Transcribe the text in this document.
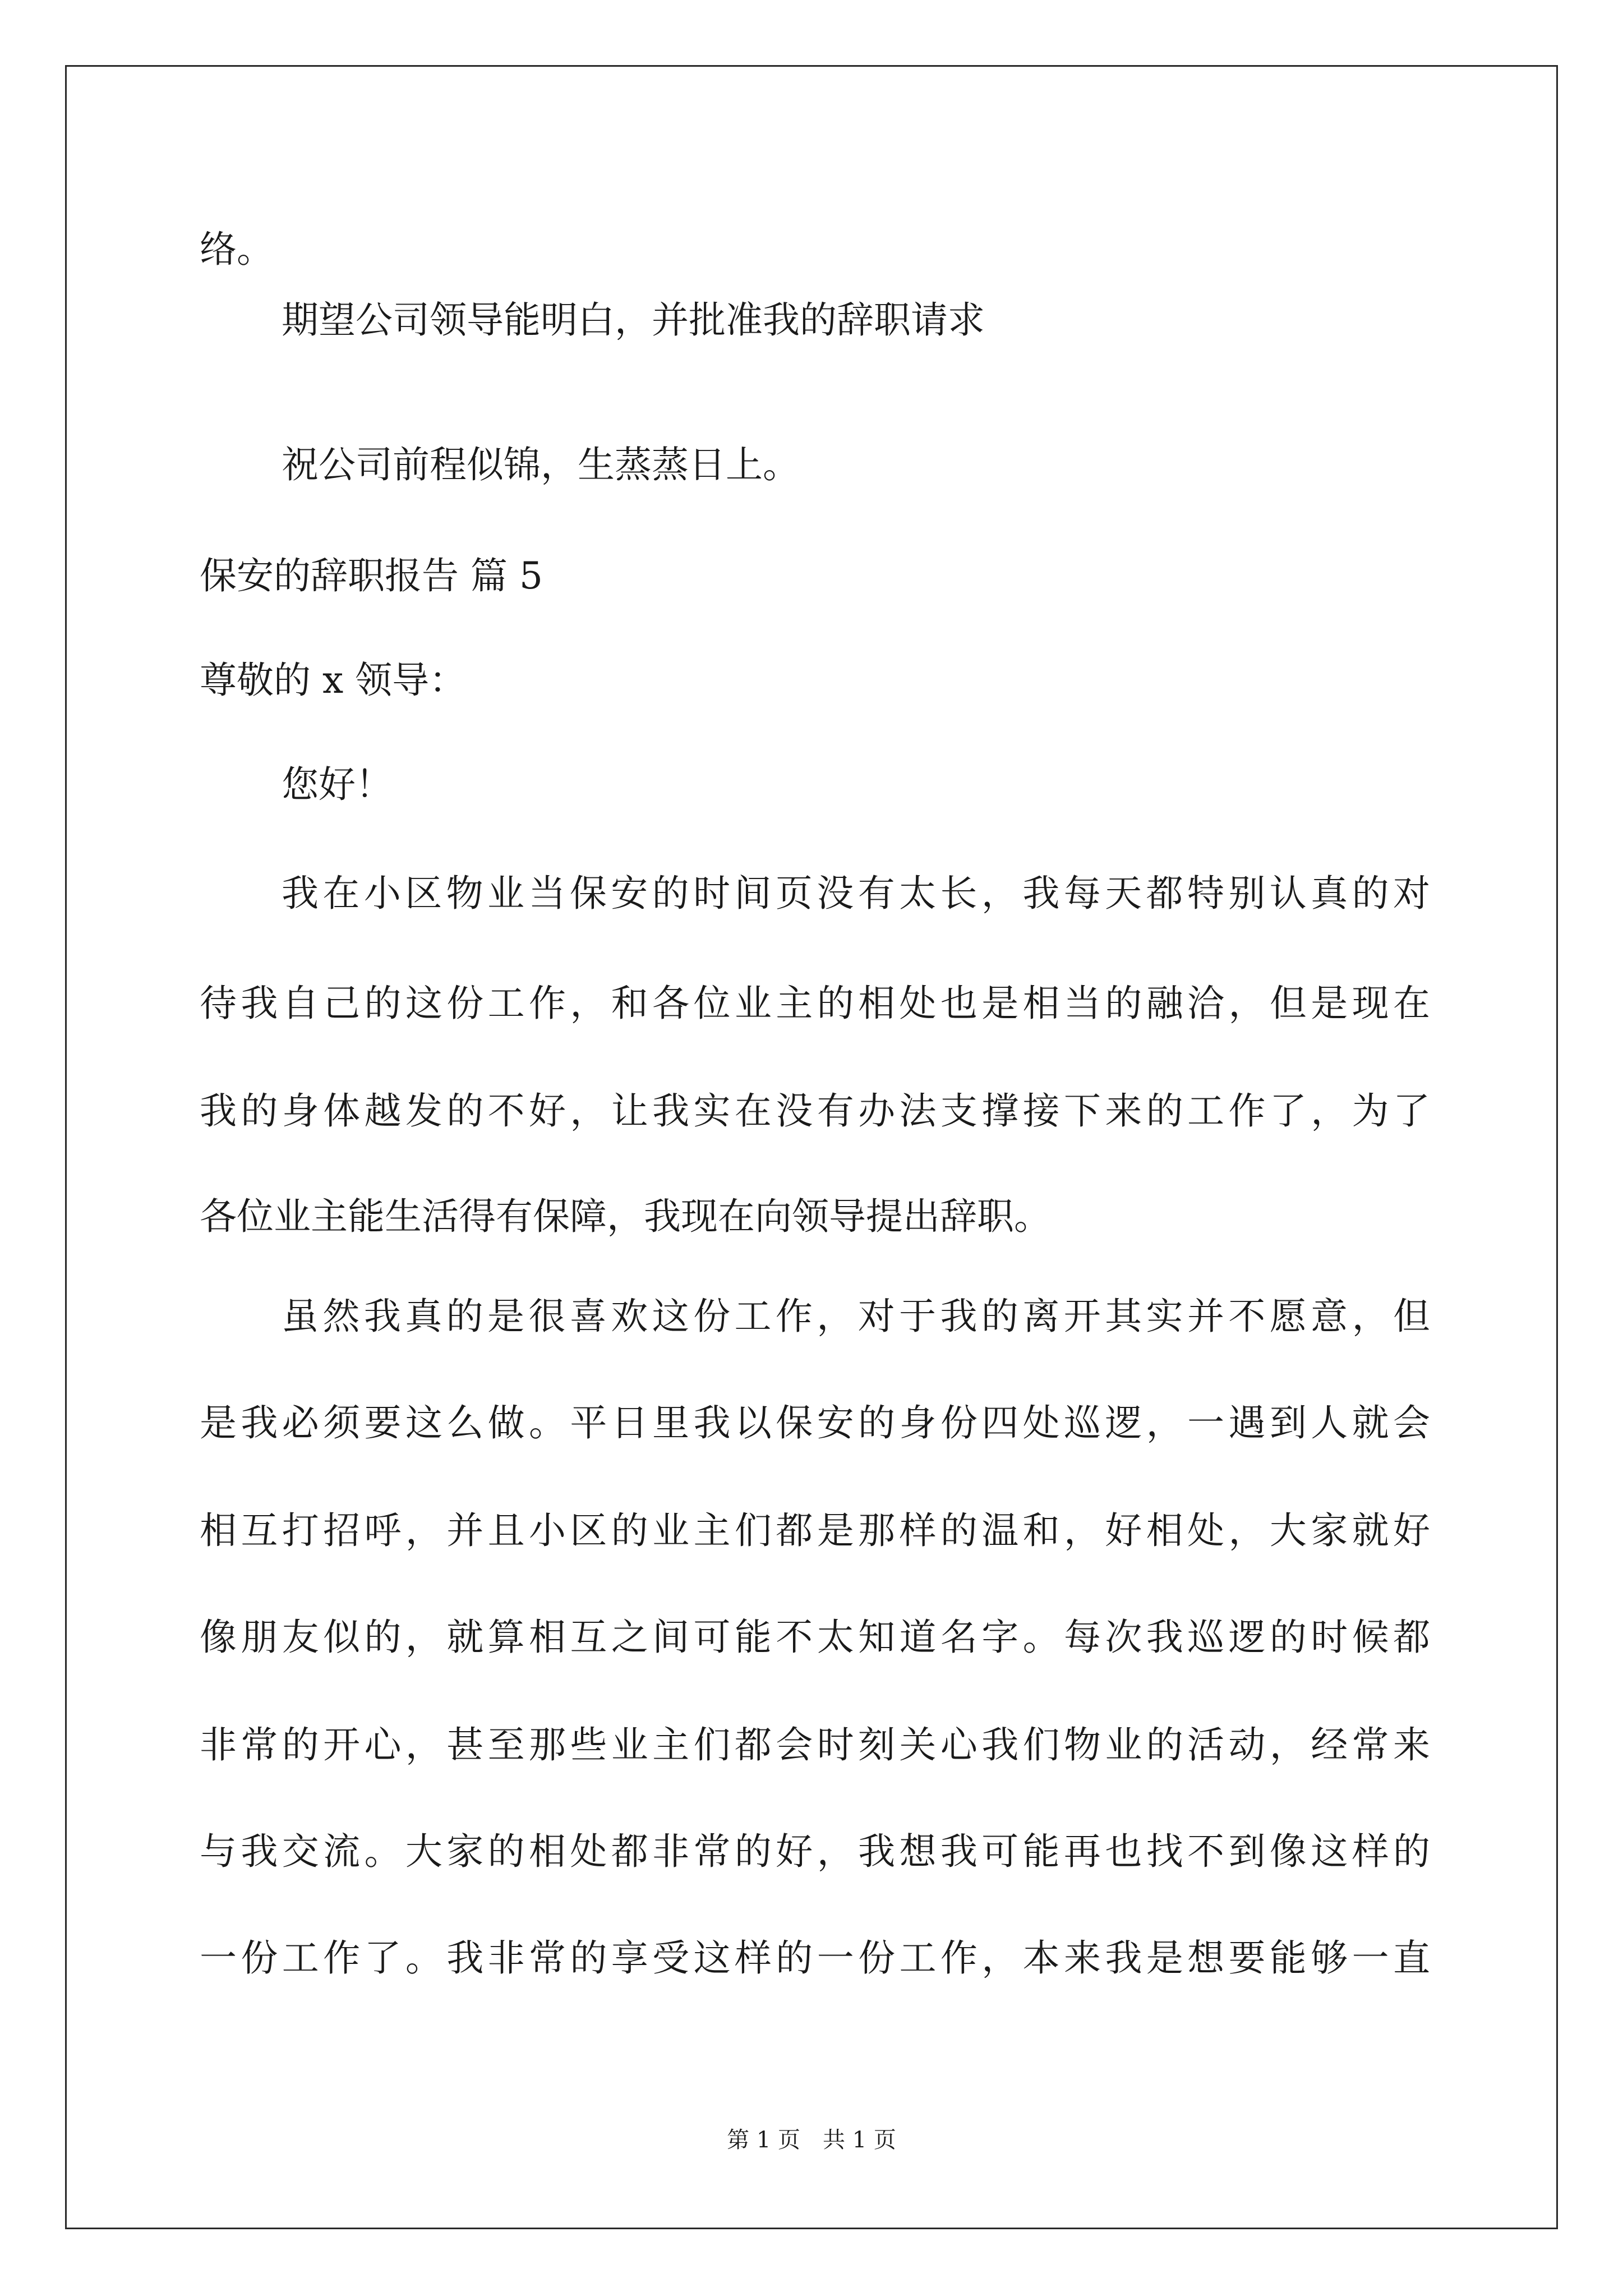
络。
期望公司领导能明白，并批准我的辞职请求
祝公司前程似锦，生蒸蒸日上。
保安的辞职报告 篇 5
尊敬的 x 领导：
您好！
我在小区物业当保安的时间页没有太长，我每天都特别认真的对
待我自己的这份工作，和各位业主的相处也是相当的融洽，但是现在
我的身体越发的不好，让我实在没有办法支撑接下来的工作了，为了
各位业主能生活得有保障，我现在向领导提出辞职。
虽然我真的是很喜欢这份工作，对于我的离开其实并不愿意，但
是我必须要这么做。平日里我以保安的身份四处巡逻，一遇到人就会
相互打招呼，并且小区的业主们都是那样的温和，好相处，大家就好
像朋友似的，就算相互之间可能不太知道名字。每次我巡逻的时候都
非常的开心，甚至那些业主们都会时刻关心我们物业的活动，经常来
与我交流。大家的相处都非常的好，我想我可能再也找不到像这样的
一份工作了。我非常的享受这样的一份工作，本来我是想要能够一直
第 1 页　共 1 页
